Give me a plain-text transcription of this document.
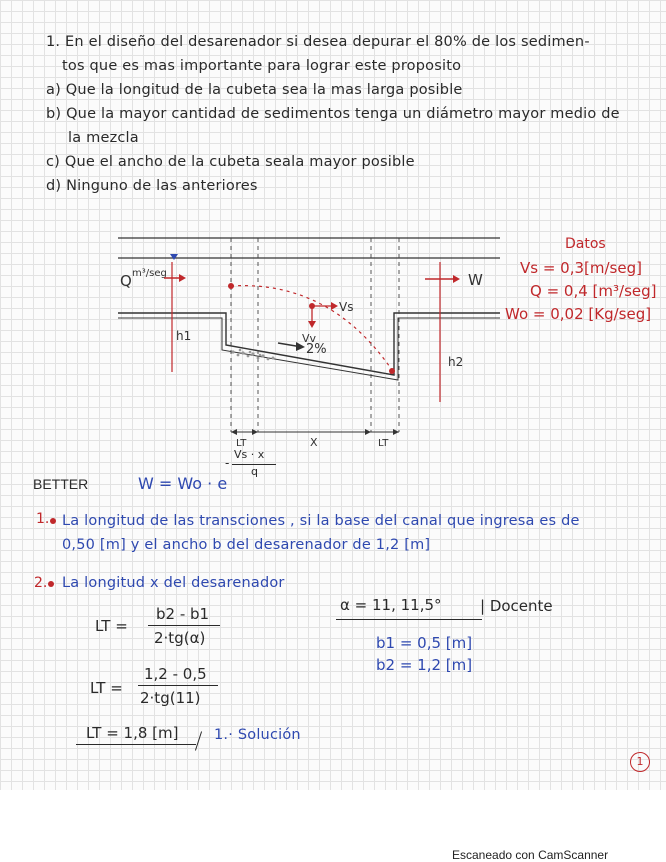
1. En el diseño del desarenador si desea depurar el 80% de los sedimen-
tos que es mas importante para lograr este proposito
a) Que la longitud de la cubeta sea la mas larga posible
b) Que la mayor cantidad de sedimentos tenga un diámetro mayor medio de
la mezcla
c) Que el ancho de la cubeta seala mayor posible
d) Ninguno de las anteriores
2%
Q m³/seg
Vs
Vv
W
h1
h2
LT	X	LT
Datos
Vs = 0,3[m/seg]
Q = 0,4 [m³/seg]
Wo = 0,02 [Kg/seg]
BETTER	W = Wo · e
-
Vs · x
q
1. La longitud de las transciones , si la base del canal que ingresa es de
0,50 [m] y el ancho b del desarenador de 1,2 [m]
2. La longitud x del desarenador
LT =
b2 - b1
2·tg(α)
LT =
1,2 - 0,5
2·tg(11)
LT = 1,8 [m] 1.· Solución
α = 11, 11,5°	| Docente
b1 = 0,5 [m]
b2 = 1,2 [m]
1
Escaneado con CamScanner
